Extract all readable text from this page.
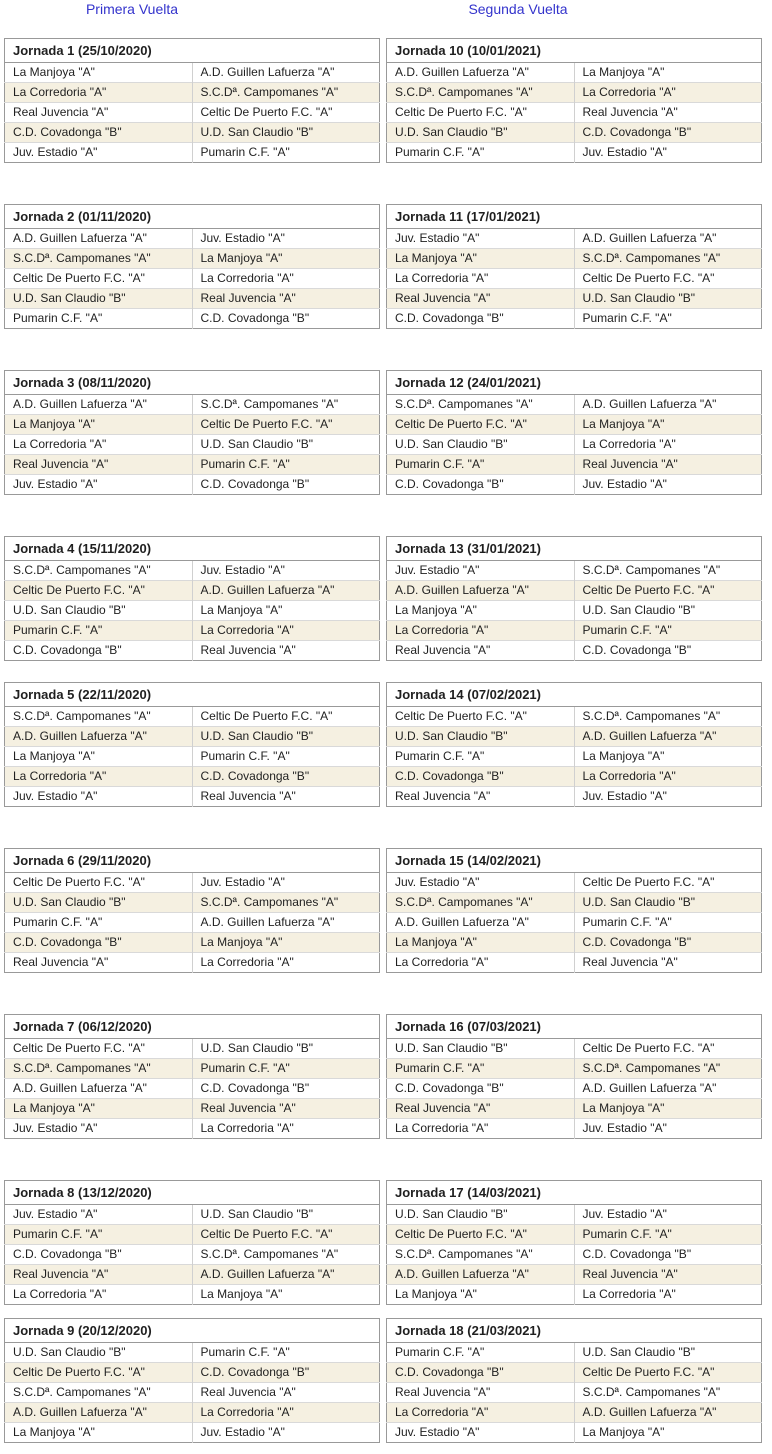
Primera Vuelta	Segunda Vuelta
Jornada 1 (25/10/2020)	
La Manjoya "A"	A.D. Guillen Lafuerza "A"
La Corredoria "A"	S.C.Dª. Campomanes "A"
Real Juvencia "A"	Celtic De Puerto F.C. "A"
C.D. Covadonga "B"	U.D. San Claudio "B"
Juv. Estadio "A"	Pumarin C.F. "A"
Jornada 10 (10/01/2021)	
A.D. Guillen Lafuerza "A"	La Manjoya "A"
S.C.Dª. Campomanes "A"	La Corredoria "A"
Celtic De Puerto F.C. "A"	Real Juvencia "A"
U.D. San Claudio "B"	C.D. Covadonga "B"
Pumarin C.F. "A"	Juv. Estadio "A"
Jornada 2 (01/11/2020)	
A.D. Guillen Lafuerza "A"	Juv. Estadio "A"
S.C.Dª. Campomanes "A"	La Manjoya "A"
Celtic De Puerto F.C. "A"	La Corredoria "A"
U.D. San Claudio "B"	Real Juvencia "A"
Pumarin C.F. "A"	C.D. Covadonga "B"
Jornada 11 (17/01/2021)	
Juv. Estadio "A"	A.D. Guillen Lafuerza "A"
La Manjoya "A"	S.C.Dª. Campomanes "A"
La Corredoria "A"	Celtic De Puerto F.C. "A"
Real Juvencia "A"	U.D. San Claudio "B"
C.D. Covadonga "B"	Pumarin C.F. "A"
Jornada 3 (08/11/2020)	
A.D. Guillen Lafuerza "A"	S.C.Dª. Campomanes "A"
La Manjoya "A"	Celtic De Puerto F.C. "A"
La Corredoria "A"	U.D. San Claudio "B"
Real Juvencia "A"	Pumarin C.F. "A"
Juv. Estadio "A"	C.D. Covadonga "B"
Jornada 12 (24/01/2021)	
S.C.Dª. Campomanes "A"	A.D. Guillen Lafuerza "A"
Celtic De Puerto F.C. "A"	La Manjoya "A"
U.D. San Claudio "B"	La Corredoria "A"
Pumarin C.F. "A"	Real Juvencia "A"
C.D. Covadonga "B"	Juv. Estadio "A"
Jornada 4 (15/11/2020)	
S.C.Dª. Campomanes "A"	Juv. Estadio "A"
Celtic De Puerto F.C. "A"	A.D. Guillen Lafuerza "A"
U.D. San Claudio "B"	La Manjoya "A"
Pumarin C.F. "A"	La Corredoria "A"
C.D. Covadonga "B"	Real Juvencia "A"
Jornada 13 (31/01/2021)	
Juv. Estadio "A"	S.C.Dª. Campomanes "A"
A.D. Guillen Lafuerza "A"	Celtic De Puerto F.C. "A"
La Manjoya "A"	U.D. San Claudio "B"
La Corredoria "A"	Pumarin C.F. "A"
Real Juvencia "A"	C.D. Covadonga "B"
Jornada 5 (22/11/2020)	
S.C.Dª. Campomanes "A"	Celtic De Puerto F.C. "A"
A.D. Guillen Lafuerza "A"	U.D. San Claudio "B"
La Manjoya "A"	Pumarin C.F. "A"
La Corredoria "A"	C.D. Covadonga "B"
Juv. Estadio "A"	Real Juvencia "A"
Jornada 14 (07/02/2021)	
Celtic De Puerto F.C. "A"	S.C.Dª. Campomanes "A"
U.D. San Claudio "B"	A.D. Guillen Lafuerza "A"
Pumarin C.F. "A"	La Manjoya "A"
C.D. Covadonga "B"	La Corredoria "A"
Real Juvencia "A"	Juv. Estadio "A"
Jornada 6 (29/11/2020)	
Celtic De Puerto F.C. "A"	Juv. Estadio "A"
U.D. San Claudio "B"	S.C.Dª. Campomanes "A"
Pumarin C.F. "A"	A.D. Guillen Lafuerza "A"
C.D. Covadonga "B"	La Manjoya "A"
Real Juvencia "A"	La Corredoria "A"
Jornada 15 (14/02/2021)	
Juv. Estadio "A"	Celtic De Puerto F.C. "A"
S.C.Dª. Campomanes "A"	U.D. San Claudio "B"
A.D. Guillen Lafuerza "A"	Pumarin C.F. "A"
La Manjoya "A"	C.D. Covadonga "B"
La Corredoria "A"	Real Juvencia "A"
Jornada 7 (06/12/2020)	
Celtic De Puerto F.C. "A"	U.D. San Claudio "B"
S.C.Dª. Campomanes "A"	Pumarin C.F. "A"
A.D. Guillen Lafuerza "A"	C.D. Covadonga "B"
La Manjoya "A"	Real Juvencia "A"
Juv. Estadio "A"	La Corredoria "A"
Jornada 16 (07/03/2021)	
U.D. San Claudio "B"	Celtic De Puerto F.C. "A"
Pumarin C.F. "A"	S.C.Dª. Campomanes "A"
C.D. Covadonga "B"	A.D. Guillen Lafuerza "A"
Real Juvencia "A"	La Manjoya "A"
La Corredoria "A"	Juv. Estadio "A"
Jornada 8 (13/12/2020)	
Juv. Estadio "A"	U.D. San Claudio "B"
Pumarin C.F. "A"	Celtic De Puerto F.C. "A"
C.D. Covadonga "B"	S.C.Dª. Campomanes "A"
Real Juvencia "A"	A.D. Guillen Lafuerza "A"
La Corredoria "A"	La Manjoya "A"
Jornada 17 (14/03/2021)	
U.D. San Claudio "B"	Juv. Estadio "A"
Celtic De Puerto F.C. "A"	Pumarin C.F. "A"
S.C.Dª. Campomanes "A"	C.D. Covadonga "B"
A.D. Guillen Lafuerza "A"	Real Juvencia "A"
La Manjoya "A"	La Corredoria "A"
Jornada 9 (20/12/2020)	
U.D. San Claudio "B"	Pumarin C.F. "A"
Celtic De Puerto F.C. "A"	C.D. Covadonga "B"
S.C.Dª. Campomanes "A"	Real Juvencia "A"
A.D. Guillen Lafuerza "A"	La Corredoria "A"
La Manjoya "A"	Juv. Estadio "A"
Jornada 18 (21/03/2021)	
Pumarin C.F. "A"	U.D. San Claudio "B"
C.D. Covadonga "B"	Celtic De Puerto F.C. "A"
Real Juvencia "A"	S.C.Dª. Campomanes "A"
La Corredoria "A"	A.D. Guillen Lafuerza "A"
Juv. Estadio "A"	La Manjoya "A"
